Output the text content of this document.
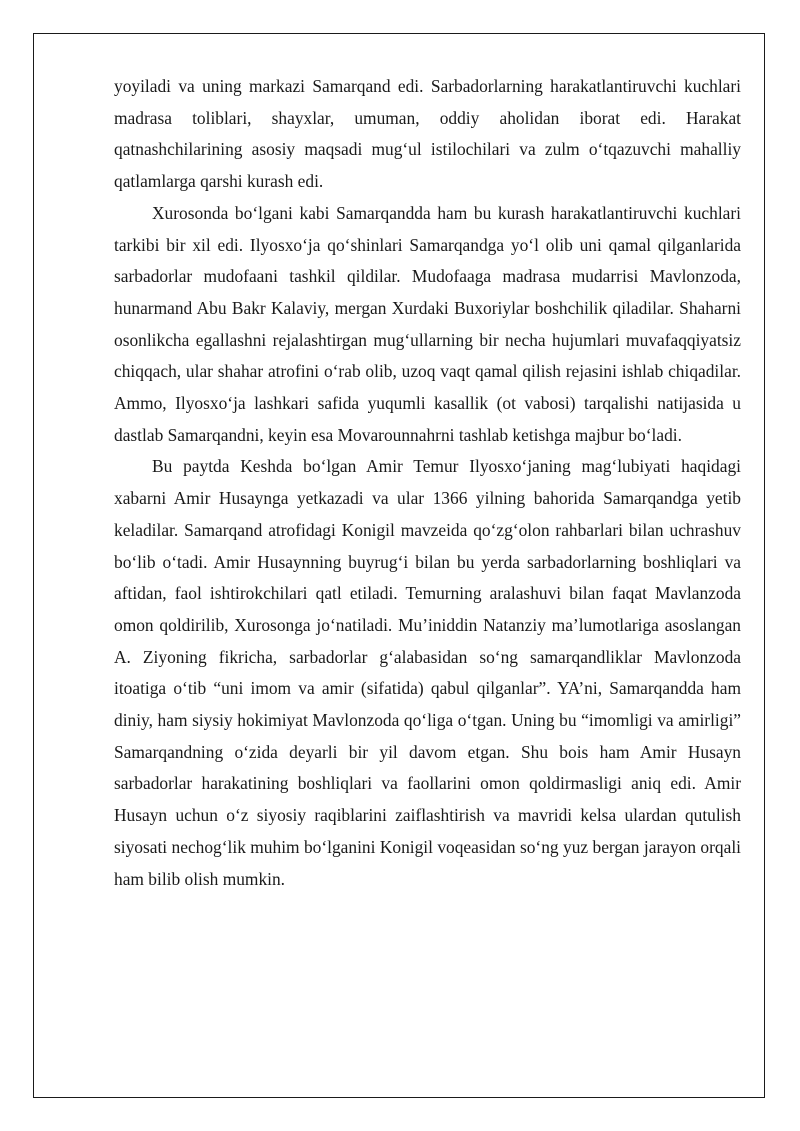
yoyiladi va uning markazi Samarqand edi. Sarbadorlarning harakatlantiruvchi kuchlari madrasa toliblari, shayxlar, umuman, oddiy aholidan iborat edi. Harakat qatnashchilarining asosiy maqsadi mug‘ul istilochilari va zulm o‘tqazuvchi mahalliy qatlamlarga qarshi kurash edi.

Xurosonda bo‘lgani kabi Samarqandda ham bu kurash harakatlantiruvchi kuchlari tarkibi bir xil edi. Ilyosxo‘ja qo‘shinlari Samarqandga yo‘l olib uni qamal qilganlarida sarbadorlar mudofaani tashkil qildilar. Mudofaaga madrasa mudarrisi Mavlonzoda, hunarmand Abu Bakr Kalaviy, mergan Xurdaki Buxoriylar boshchilik qiladilar. Shaharni osonlikcha egallashni rejalashtirgan mug‘ullarning bir necha hujumlari muvafaqqiyatsiz chiqqach, ular shahar atrofini o‘rab olib, uzoq vaqt qamal qilish rejasini ishlab chiqadilar. Ammo, Ilyosxo‘ja lashkari safida yuqumli kasallik (ot vabosi) tarqalishi natijasida u dastlab Samarqandni, keyin esa Movarounnahrni tashlab ketishga majbur bo‘ladi.

Bu paytda Keshda bo‘lgan Amir Temur Ilyosxo‘janing mag‘lubiyati haqidagi xabarni Amir Husaynga yetkazadi va ular 1366 yilning bahorida Samarqandga yetib keladilar. Samarqand atrofidagi Konigil mavzeida qo‘zg‘olon rahbarlari bilan uchrashuv bo‘lib o‘tadi. Amir Husaynning buyrug‘i bilan bu yerda sarbadorlarning boshliqlari va aftidan, faol ishtirokchilari qatl etiladi. Temurning aralashuvi bilan faqat Mavlanzoda omon qoldirilib, Xurosonga jo‘natiladi. Mu’iniddin Natanziy ma’lumotlariga asoslangan A. Ziyoning fikricha, sarbadorlar g‘alabasidan so‘ng samarqandliklar Mavlonzoda itoatiga o‘tib “uni imom va amir (sifatida) qabul qilganlar”. YA’ni, Samarqandda ham diniy, ham siysiy hokimiyat Mavlonzoda qo‘liga o‘tgan. Uning bu “imomligi va amirligi” Samarqandning o‘zida deyarli bir yil davom etgan. Shu bois ham Amir Husayn sarbadorlar harakatining boshliqlari va faollarini omon qoldirmasligi aniq edi. Amir Husayn uchun o‘z siyosiy raqiblarini zaiflashtirish va mavridi kelsa ulardan qutulish siyosati nechog‘lik muhim bo‘lganini Konigil voqeasidan so‘ng yuz bergan jarayon orqali ham bilib olish mumkin.
